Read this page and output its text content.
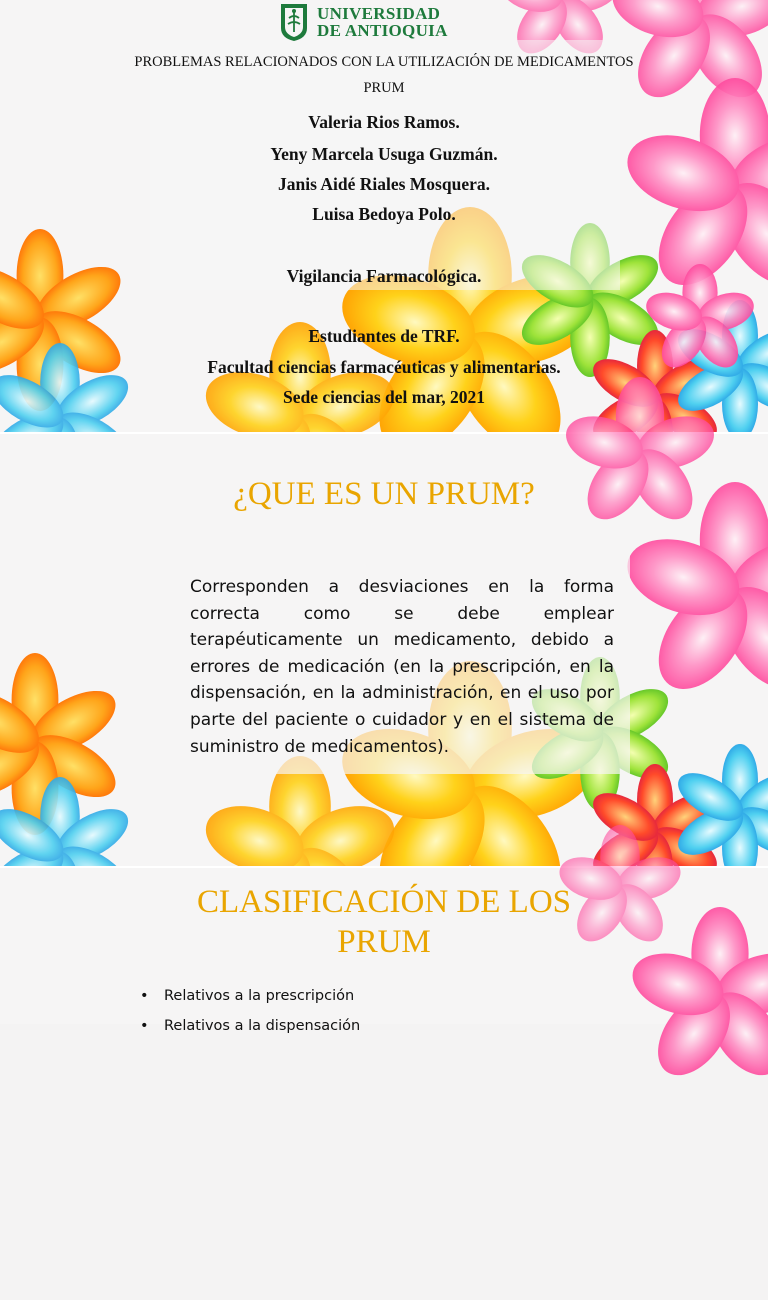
UNIVERSIDAD
DE ANTIOQUIA
PROBLEMAS RELACIONADOS CON LA UTILIZACIÓN DE MEDICAMENTOS
PRUM
Valeria Rios Ramos.
Yeny Marcela Usuga Guzmán.
Janis Aidé Riales Mosquera.
Luisa Bedoya Polo.
Vigilancia Farmacológica.
Estudiantes de TRF.
Facultad ciencias farmacéuticas y alimentarias.
Sede ciencias del mar, 2021
¿QUE ES UN PRUM?
Corresponden a desviaciones en la forma correcta como se debe emplear terapéuticamente un medicamento, debido a errores de medicación (en la prescripción, en la dispensación, en la administración, en el uso por parte del paciente o cuidador y en el sistema de suministro de medicamentos).
CLASIFICACIÓN DE LOS
PRUM
• Relativos a la prescripción
• Relativos a la dispensación
